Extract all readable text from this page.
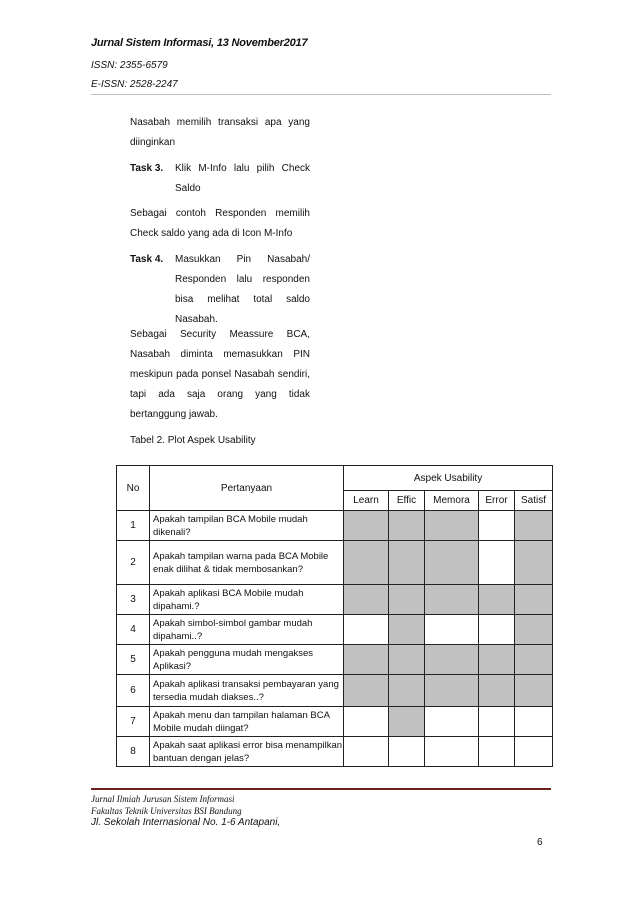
Jurnal Sistem Informasi, 13 November2017
ISSN: 2355-6579
E-ISSN: 2528-2247
Nasabah memilih transaksi apa yang diinginkan
Task 3. Klik M-Info lalu pilih Check Saldo
Sebagai contoh Responden memilih Check saldo yang ada di Icon M-Info
Task 4. Masukkan Pin Nasabah/ Responden lalu responden bisa melihat total saldo Nasabah.
Sebagai Security Meassure BCA, Nasabah diminta memasukkan PIN meskipun pada ponsel Nasabah sendiri, tapi ada saja orang yang tidak bertanggung jawab.
Tabel 2. Plot Aspek Usability
No	Pertanyaan	Aspek Usability				
		Learn	Effic	Memora	Error	Satisf
1	Apakah tampilan BCA Mobile mudah dikenali?					
2	Apakah tampilan warna pada BCA Mobile enak dilihat & tidak membosankan?					
3	Apakah aplikasi BCA Mobile mudah dipahami.?					
4	Apakah simbol-simbol gambar mudah dipahami..?					
5	Apakah pengguna mudah mengakses Aplikasi?					
6	Apakah aplikasi transaksi pembayaran yang tersedia mudah diakses..?					
7	Apakah menu dan tampilan halaman BCA Mobile mudah diingat?					
8	Apakah saat aplikasi error bisa menampilkan bantuan dengan jelas?					
Jurnal Ilmiah Jurusan Sistem Informasi
Fakultas Teknik Universitas BSI Bandung
Jl. Sekolah Internasional No. 1-6 Antapani,
6
